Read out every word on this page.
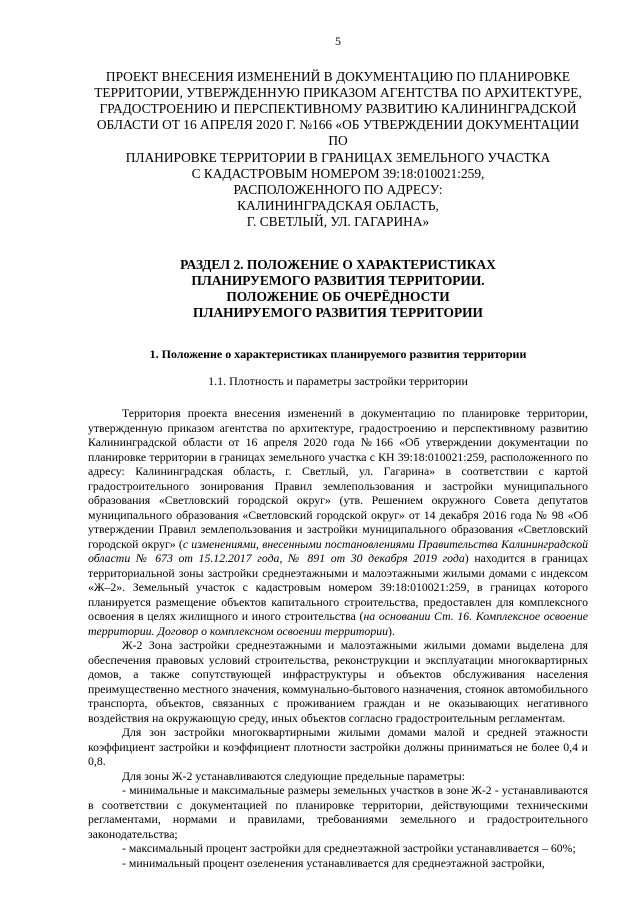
5
ПРОЕКТ ВНЕСЕНИЯ ИЗМЕНЕНИЙ В ДОКУМЕНТАЦИЮ ПО ПЛАНИРОВКЕ
ТЕРРИТОРИИ, УТВЕРЖДЕННУЮ ПРИКАЗОМ АГЕНТСТВА ПО АРХИТЕКТУРЕ,
ГРАДОСТРОЕНИЮ И ПЕРСПЕКТИВНОМУ РАЗВИТИЮ КАЛИНИНГРАДСКОЙ
ОБЛАСТИ ОТ 16 АПРЕЛЯ 2020 Г. №166 «ОБ УТВЕРЖДЕНИИ ДОКУМЕНТАЦИИ ПО
ПЛАНИРОВКЕ ТЕРРИТОРИИ В ГРАНИЦАХ ЗЕМЕЛЬНОГО УЧАСТКА
С КАДАСТРОВЫМ НОМЕРОМ 39:18:010021:259,
РАСПОЛОЖЕННОГО ПО АДРЕСУ:
КАЛИНИНГРАДСКАЯ ОБЛАСТЬ,
Г. СВЕТЛЫЙ, УЛ. ГАГАРИНА»
РАЗДЕЛ 2. ПОЛОЖЕНИЕ О ХАРАКТЕРИСТИКАХ
ПЛАНИРУЕМОГО РАЗВИТИЯ ТЕРРИТОРИИ.
ПОЛОЖЕНИЕ ОБ ОЧЕРЁДНОСТИ
ПЛАНИРУЕМОГО РАЗВИТИЯ ТЕРРИТОРИИ
1. Положение о характеристиках планируемого развития территории
1.1. Плотность и параметры застройки территории

Территория проекта внесения изменений в документацию по планировке территории, утвержденную приказом агентства по архитектуре, градостроению и перспективному развитию Калининградской области от 16 апреля 2020 года №166 «Об утверждении документации по планировке территории в границах земельного участка с КН 39:18:010021:259, расположенного по адресу: Калининградская область, г. Светлый, ул. Гагарина» в соответствии с картой градостроительного зонирования Правил землепользования и застройки муниципального образования «Светловский городской округ» (утв. Решением окружного Совета депутатов муниципального образования «Светловский городской округ» от 14 декабря 2016 года № 98 «Об утверждении Правил землепользования и застройки муниципального образования «Светловский городской округ» (с изменениями, внесенными постановлениями Правительства Калининградской области № 673 от 15.12.2017 года, № 891 от 30 декабря 2019 года) находится в границах территориальной зоны застройки среднеэтажными и малоэтажными жилыми домами с индексом «Ж–2». Земельный участок с кадастровым номером 39:18:010021:259, в границах которого планируется размещение объектов капитального строительства, предоставлен для комплексного освоения в целях жилищного и иного строительства (на основании Ст. 16. Комплексное освоение территории. Договор о комплексном освоении территории).

Ж-2 Зона застройки среднеэтажными и малоэтажными жилыми домами выделена для обеспечения правовых условий строительства, реконструкции и эксплуатации многоквартирных домов, а также сопутствующей инфраструктуры и объектов обслуживания населения преимущественно местного значения, коммунально-бытового назначения, стоянок автомобильного транспорта, объектов, связанных с проживанием граждан и не оказывающих негативного воздействия на окружающую среду, иных объектов согласно градостроительным регламентам.

Для зон застройки многоквартирными жилыми домами малой и средней этажности коэффициент застройки и коэффициент плотности застройки должны приниматься не более 0,4 и 0,8.

Для зоны Ж-2 устанавливаются следующие предельные параметры:

- минимальные и максимальные размеры земельных участков в зоне Ж-2 - устанавливаются в соответствии с документацией по планировке территории, действующими техническими регламентами, нормами и правилами, требованиями земельного и градостроительного законодательства;

- максимальный процент застройки для среднеэтажной застройки устанавливается – 60%;

- минимальный процент озеленения устанавливается для среднеэтажной застройки,
